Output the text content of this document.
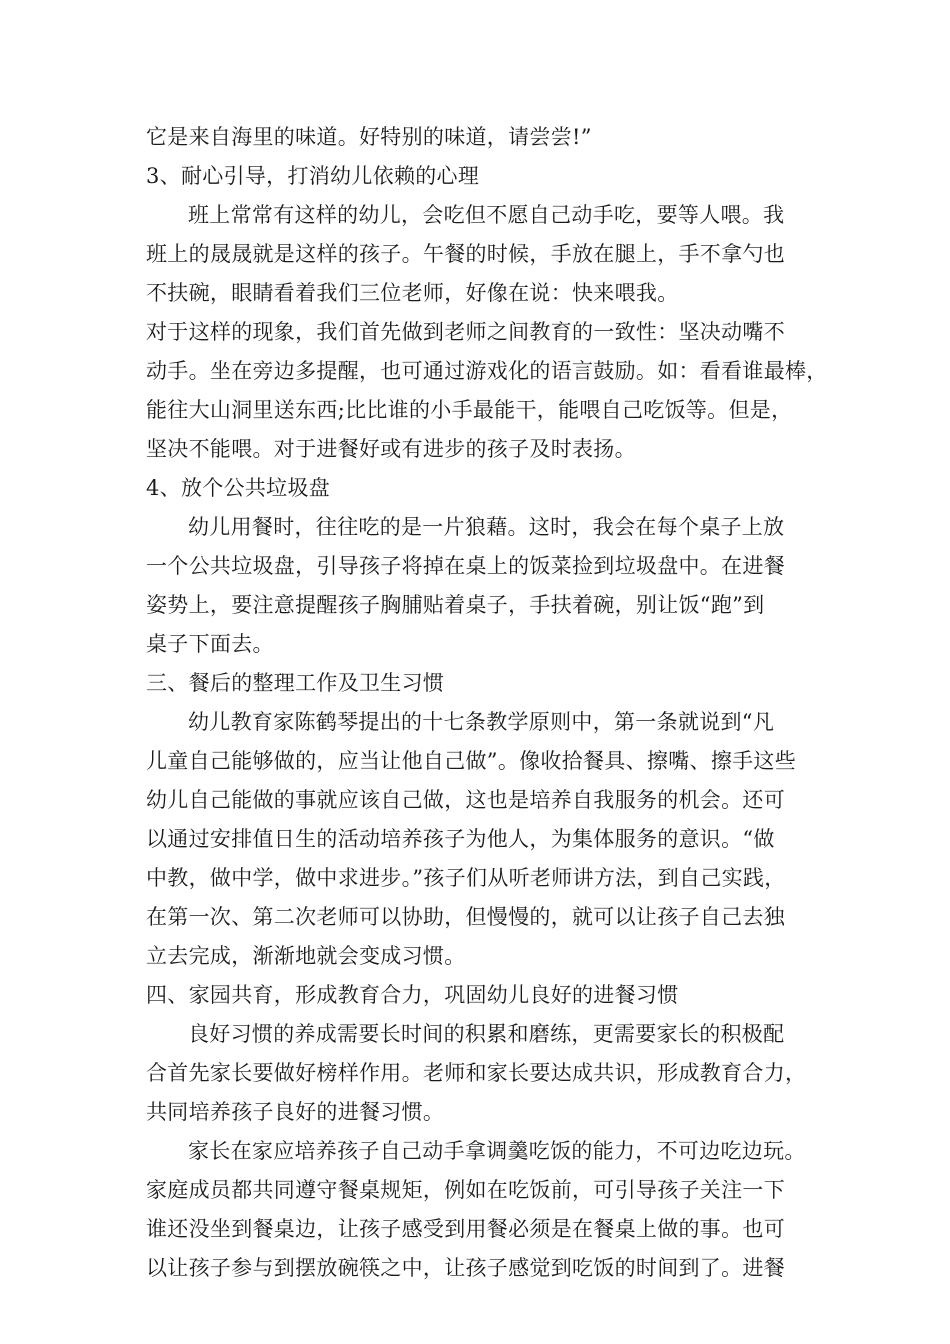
它是来自海里的味道。好特别的味道，请尝尝!”
3、耐心引导，打消幼儿依赖的心理
班上常常有这样的幼儿，会吃但不愿自己动手吃，要等人喂。我
班上的晟晟就是这样的孩子。午餐的时候，手放在腿上，手不拿勺也
不扶碗，眼睛看着我们三位老师，好像在说：快来喂我。
对于这样的现象，我们首先做到老师之间教育的一致性：坚决动嘴不
动手。坐在旁边多提醒，也可通过游戏化的语言鼓励。如：看看谁最棒，
能往大山洞里送东西;比比谁的小手最能干，能喂自己吃饭等。但是，
坚决不能喂。对于进餐好或有进步的孩子及时表扬。
4、放个公共垃圾盘
幼儿用餐时，往往吃的是一片狼藉。这时，我会在每个桌子上放
一个公共垃圾盘，引导孩子将掉在桌上的饭菜捡到垃圾盘中。在进餐
姿势上，要注意提醒孩子胸脯贴着桌子，手扶着碗，别让饭“跑”到
桌子下面去。
三、餐后的整理工作及卫生习惯
幼儿教育家陈鹤琴提出的十七条教学原则中，第一条就说到“凡
儿童自己能够做的，应当让他自己做”。像收拾餐具、擦嘴、擦手这些
幼儿自己能做的事就应该自己做，这也是培养自我服务的机会。还可
以通过安排值日生的活动培养孩子为他人，为集体服务的意识。“做
中教，做中学，做中求进步。”孩子们从听老师讲方法，到自己实践，
在第一次、第二次老师可以协助，但慢慢的，就可以让孩子自己去独
立去完成，渐渐地就会变成习惯。
四、家园共育，形成教育合力，巩固幼儿良好的进餐习惯
良好习惯的养成需要长时间的积累和磨练，更需要家长的积极配
合首先家长要做好榜样作用。老师和家长要达成共识，形成教育合力，
共同培养孩子良好的进餐习惯。
家长在家应培养孩子自己动手拿调羹吃饭的能力，不可边吃边玩。
家庭成员都共同遵守餐桌规矩，例如在吃饭前，可引导孩子关注一下
谁还没坐到餐桌边，让孩子感受到用餐必须是在餐桌上做的事。也可
以让孩子参与到摆放碗筷之中，让孩子感觉到吃饭的时间到了。进餐
